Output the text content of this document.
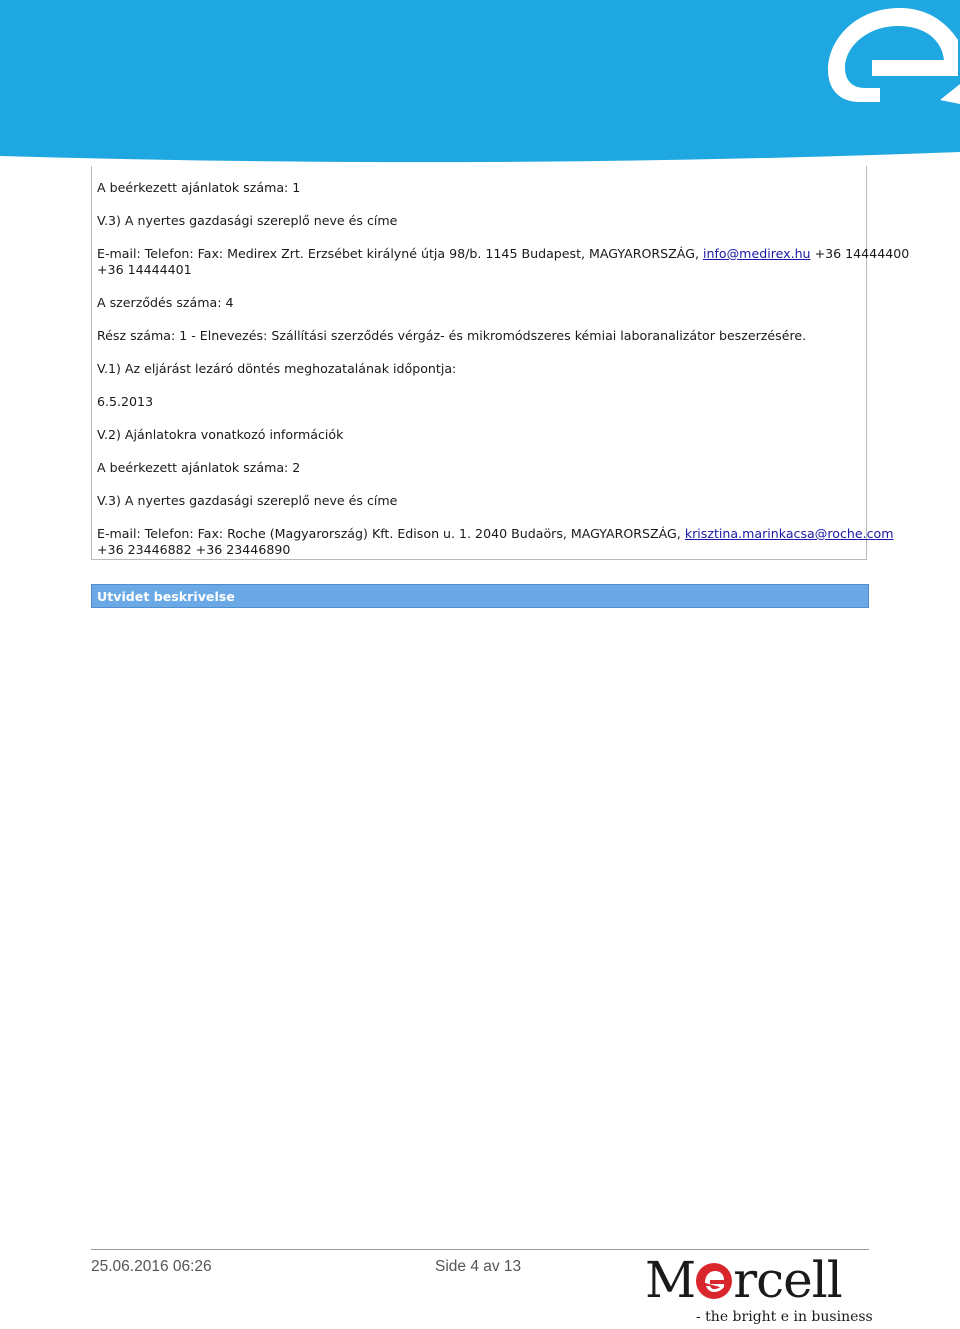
A beérkezett ajánlatok száma: 1
V.3) A nyertes gazdasági szereplő neve és címe
E-mail: Telefon: Fax: Medirex Zrt. Erzsébet királyné útja 98/b. 1145 Budapest, MAGYARORSZÁG, info@medirex.hu +36 14444400
+36 14444401
A szerződés száma: 4
Rész száma: 1 - Elnevezés: Szállítási szerződés vérgáz- és mikromódszeres kémiai laboranalizátor beszerzésére.
V.1) Az eljárást lezáró döntés meghozatalának időpontja:
6.5.2013
V.2) Ajánlatokra vonatkozó információk
A beérkezett ajánlatok száma: 2
V.3) A nyertes gazdasági szereplő neve és címe
E-mail: Telefon: Fax: Roche (Magyarország) Kft. Edison u. 1. 2040 Budaörs, MAGYARORSZÁG, krisztina.marinkacsa@roche.com
+36 23446882 +36 23446890
Utvidet beskrivelse
25.06.2016 06:26	Side 4 av 13 M rcell
- the bright e in business
